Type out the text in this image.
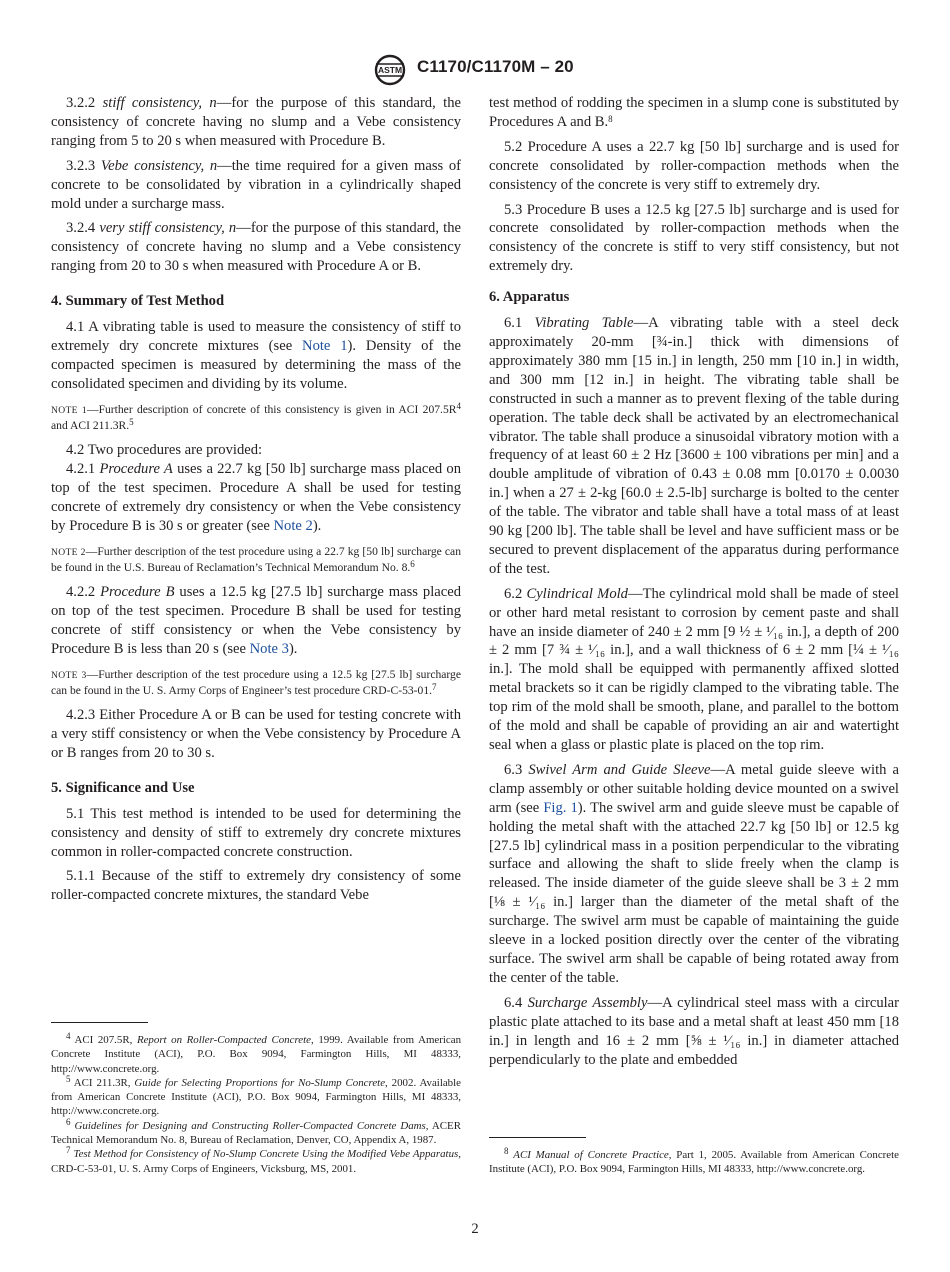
ASTM C1170/C1170M – 20

3.2.2 stiff consistency, n—for the purpose of this standard, the consistency of concrete having no slump and a Vebe consistency ranging from 5 to 20 s when measured with Procedure B.

3.2.3 Vebe consistency, n—the time required for a given mass of concrete to be consolidated by vibration in a cylindrically shaped mold under a surcharge mass.

3.2.4 very stiff consistency, n—for the purpose of this standard, the consistency of concrete having no slump and a Vebe consistency ranging from 20 to 30 s when measured with Procedure A or B.

4. Summary of Test Method

4.1 A vibrating table is used to measure the consistency of stiff to extremely dry concrete mixtures (see Note 1). Density of the compacted specimen is measured by determining the mass of the consolidated specimen and dividing by its volume.

NOTE 1—Further description of concrete of this consistency is given in ACI $207.5R^4$ and ACI 211.3R.$^5$

4.2 Two procedures are provided:

4.2.1 Procedure A uses a 22.7 kg [50 lb] surcharge mass placed on top of the test specimen. Procedure A shall be used for testing concrete of extremely dry consistency or when the Vebe consistency by Procedure B is 30 s or greater (see Note 2).

NOTE 2—Further description of the test procedure using a 22.7 kg [50 lb] surcharge can be found in the U.S. Bureau of Reclamation’s Technical Memorandum No. 8.$^6$

4.2.2 Procedure B uses a 12.5 kg [27.5 lb] surcharge mass placed on top of the test specimen. Procedure B shall be used for testing concrete of stiff consistency or when the Vebe consistency by Procedure B is less than 20 s (see Note 3).

NOTE 3—Further description of the test procedure using a 12.5 kg [27.5 lb] surcharge can be found in the U. S. Army Corps of Engineer’s test procedure CRD-C-53-01.$^7$

4.2.3 Either Procedure A or B can be used for testing concrete with a very stiff consistency or when the Vebe consistency by Procedure A or B ranges from 20 to 30 s.

5. Significance and Use

5.1 This test method is intended to be used for determining the consistency and density of stiff to extremely dry concrete mixtures common in roller-compacted concrete construction.

5.1.1 Because of the stiff to extremely dry consistency of some roller-compacted concrete mixtures, the standard Vebe

test method of rodding the specimen in a slump cone is substituted by Procedures A and B.$^8$

5.2 Procedure A uses a 22.7 kg [50 lb] surcharge and is used for concrete consolidated by roller-compaction methods when the consistency of the concrete is very stiff to extremely dry.

5.3 Procedure B uses a 12.5 kg [27.5 lb] surcharge and is used for concrete consolidated by roller-compaction methods when the consistency of the concrete is stiff to very stiff consistency, but not extremely dry.

6. Apparatus

6.1 Vibrating Table—A vibrating table with a steel deck approximately 20-mm [¾-in.] thick with dimensions of approximately 380 mm [15 in.] in length, 250 mm [10 in.] in width, and 300 mm [12 in.] in height. The vibrating table shall be constructed in such a manner as to prevent flexing of the table during operation. The table deck shall be activated by an electromechanical vibrator. The table shall produce a sinusoidal vibratory motion with a frequency of at least 60 ± 2 Hz [3600 ± 100 vibrations per min] and a double amplitude of vibration of 0.43 ± 0.08 mm [0.0170 ± 0.0030 in.] when a 27 ± 2-kg [60.0 ± 2.5-lb] surcharge is bolted to the center of the table. The vibrator and table shall have a total mass of at least 90 kg [200 lb]. The table shall be level and have sufficient mass or be secured to prevent displacement of the apparatus during performance of the test.

6.2 Cylindrical Mold—The cylindrical mold shall be made of steel or other hard metal resistant to corrosion by cement paste and shall have an inside diameter of 240 ± 2 mm [9 ½ ± ¹⁄₁₆ in.], a depth of 200 ± 2 mm [7 ¾ ± ¹⁄₁₆ in.], and a wall thickness of 6 ± 2 mm [¼ ± ¹⁄₁₆ in.]. The mold shall be equipped with permanently affixed slotted metal brackets so it can be rigidly clamped to the vibrating table. The top rim of the mold shall be smooth, plane, and parallel to the bottom of the mold and shall be capable of providing an air and watertight seal when a glass or plastic plate is placed on the top rim.

6.3 Swivel Arm and Guide Sleeve—A metal guide sleeve with a clamp assembly or other suitable holding device mounted on a swivel arm (see Fig. 1). The swivel arm and guide sleeve must be capable of holding the metal shaft with the attached 22.7 kg [50 lb] or 12.5 kg [27.5 lb] cylindrical mass in a position perpendicular to the vibrating surface and allowing the shaft to slide freely when the clamp is released. The inside diameter of the guide sleeve shall be 3 ± 2 mm [⅛ ± ¹⁄₁₆ in.] larger than the diameter of the metal shaft of the surcharge. The swivel arm must be capable of maintaining the guide sleeve in a locked position directly over the center of the vibrating surface. The swivel arm shall be capable of being rotated away from the center of the table.

6.4 Surcharge Assembly—A cylindrical steel mass with a circular plastic plate attached to its base and a metal shaft at least 450 mm [18 in.] in length and 16 ± 2 mm [⅝ ± ¹⁄₁₆ in.] in diameter attached perpendicularly to the plate and embedded

$^4$ ACI 207.5R, Report on Roller-Compacted Concrete, 1999. Available from American Concrete Institute (ACI), P.O. Box 9094, Farmington Hills, MI 48333, http://www.concrete.org.

$^5$ ACI 211.3R, Guide for Selecting Proportions for No-Slump Concrete, 2002. Available from American Concrete Institute (ACI), P.O. Box 9094, Farmington Hills, MI 48333, http://www.concrete.org.

$^6$ Guidelines for Designing and Constructing Roller-Compacted Concrete Dams, ACER Technical Memorandum No. 8, Bureau of Reclamation, Denver, CO, Appendix A, 1987.

$^7$ Test Method for Consistency of No-Slump Concrete Using the Modified Vebe Apparatus, CRD-C-53-01, U. S. Army Corps of Engineers, Vicksburg, MS, 2001.

$^8$ ACI Manual of Concrete Practice, Part 1, 2005. Available from American Concrete Institute (ACI), P.O. Box 9094, Farmington Hills, MI 48333, http://www.concrete.org.

2
